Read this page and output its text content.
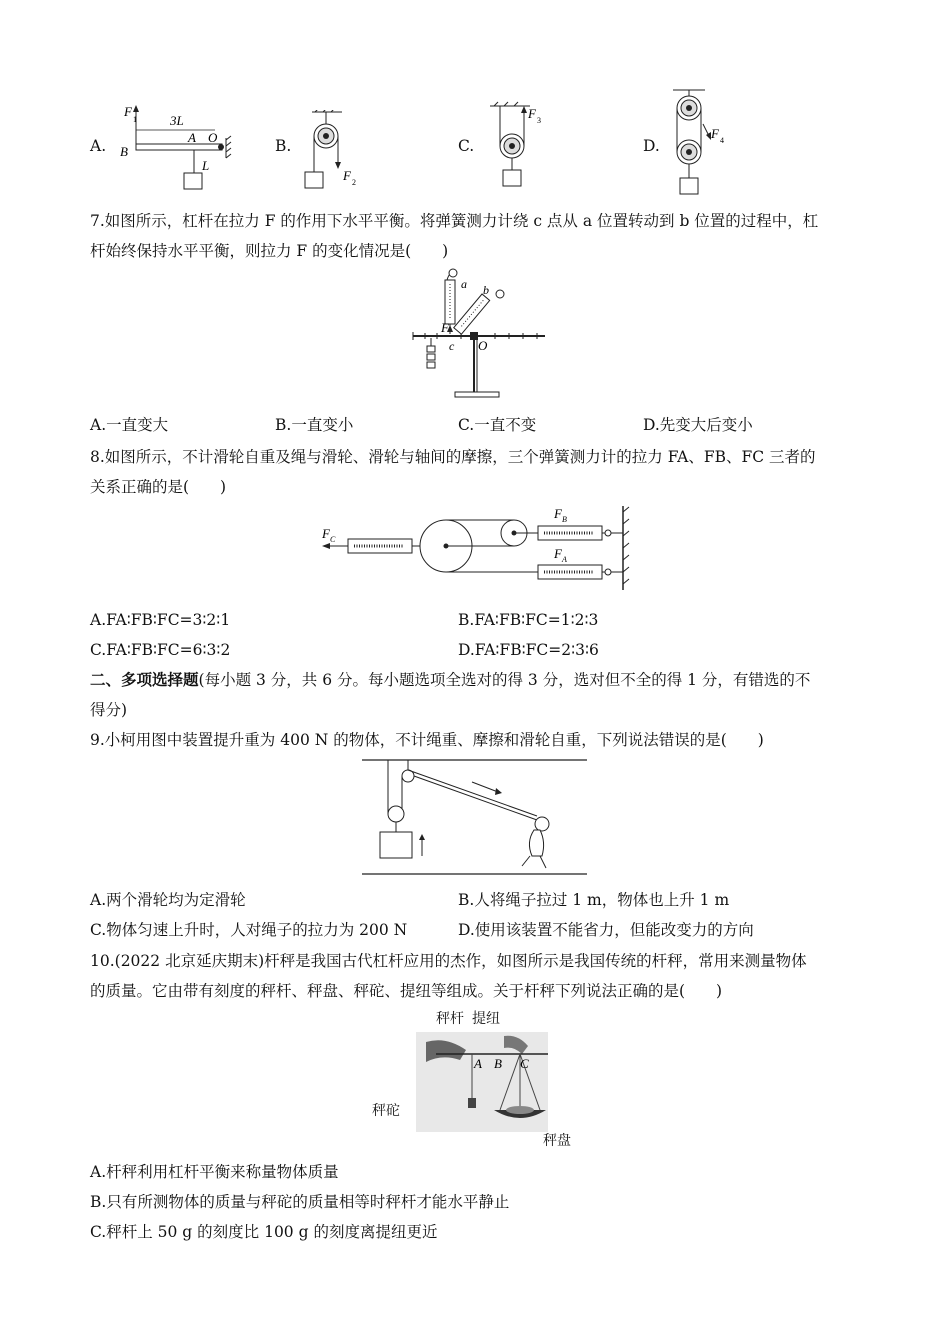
A.
F
1	3L
B
A O
L
B.
F 2
C.
F 3
D.
F 4
7.如图所示，杠杆在拉力 F 的作用下水平平衡。将弹簧测力计绕 c 点从 a 位置转动到 b 位置的过程中，杠
杆始终保持水平平衡，则拉力 F 的变化情况是(　　)
a b
F
c O
A.一直变大	B.一直变小	C.一直不变	D.先变大后变小
8.如图所示，不计滑轮自重及绳与滑轮、滑轮与轴间的摩擦，三个弹簧测力计的拉力 FA、FB、FC 三者的
关系正确的是(　　)
F C
F B
F A
A.FA∶FB∶FC=3∶2∶1	B.FA∶FB∶FC=1∶2∶3
C.FA∶FB∶FC=6∶3∶2	D.FA∶FB∶FC=2∶3∶6
二、多项选择题(每小题 3 分，共 6 分。每小题选项全选对的得 3 分，选对但不全的得 1 分，有错选的不
得分)
9.小柯用图中装置提升重为 400 N 的物体，不计绳重、摩擦和滑轮自重，下列说法错误的是(　　)
A.两个滑轮均为定滑轮	B.人将绳子拉过 1 m，物体也上升 1 m
C.物体匀速上升时，人对绳子的拉力为 200 N	D.使用该装置不能省力，但能改变力的方向
10.(2022 北京延庆期末)杆秤是我国古代杠杆应用的杰作，如图所示是我国传统的杆秤，常用来测量物体
的质量。它由带有刻度的秤杆、秤盘、秤砣、提纽等组成。关于杆秤下列说法正确的是(　　)
秤杆 提纽
A B C
秤砣
秤盘
A.杆秤利用杠杆平衡来称量物体质量
B.只有所测物体的质量与秤砣的质量相等时秤杆才能水平静止
C.秤杆上 50 g 的刻度比 100 g 的刻度离提纽更近
